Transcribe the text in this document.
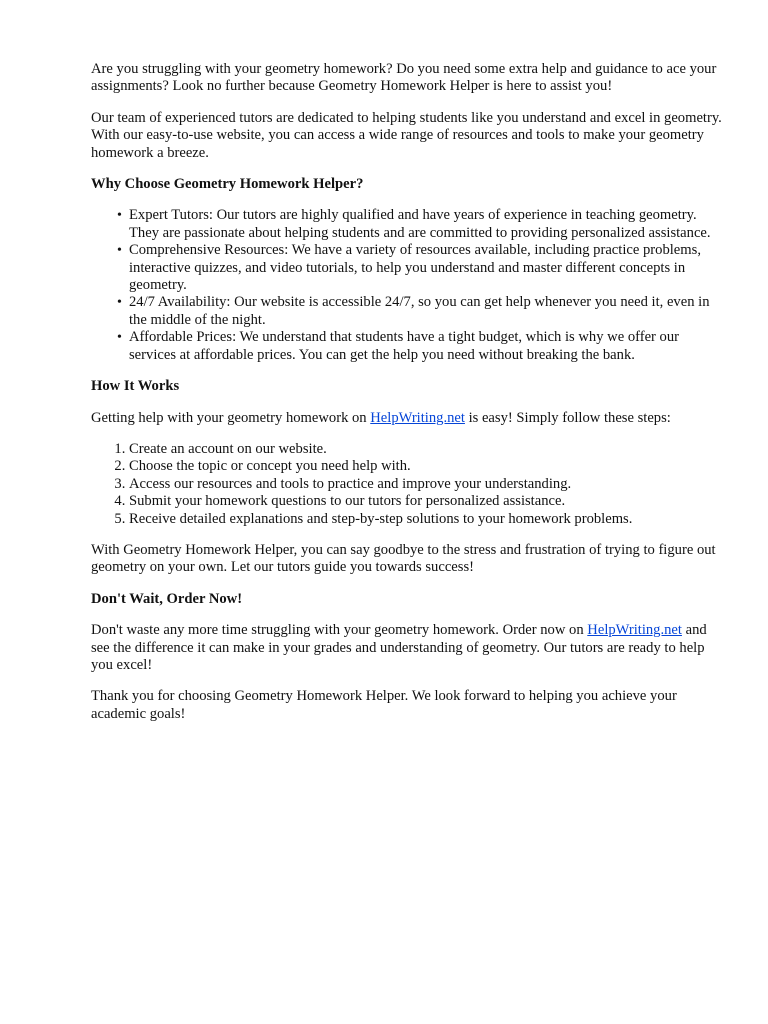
Are you struggling with your geometry homework? Do you need some extra help and guidance to ace your assignments? Look no further because Geometry Homework Helper is here to assist you!

Our team of experienced tutors are dedicated to helping students like you understand and excel in geometry. With our easy-to-use website, you can access a wide range of resources and tools to make your geometry homework a breeze.

Why Choose Geometry Homework Helper?
• Expert Tutors: Our tutors are highly qualified and have years of experience in teaching geometry. They are passionate about helping students and are committed to providing personalized assistance.
• Comprehensive Resources: We have a variety of resources available, including practice problems, interactive quizzes, and video tutorials, to help you understand and master different concepts in geometry.
• 24/7 Availability: Our website is accessible 24/7, so you can get help whenever you need it, even in the middle of the night.
• Affordable Prices: We understand that students have a tight budget, which is why we offer our services at affordable prices. You can get the help you need without breaking the bank.
How It Works

Getting help with your geometry homework on HelpWriting.net is easy! Simply follow these steps:

1. Create an account on our website.
2. Choose the topic or concept you need help with.
3. Access our resources and tools to practice and improve your understanding.
4. Submit your homework questions to our tutors for personalized assistance.
5. Receive detailed explanations and step-by-step solutions to your homework problems.

With Geometry Homework Helper, you can say goodbye to the stress and frustration of trying to figure out geometry on your own. Let our tutors guide you towards success!

Don't Wait, Order Now!

Don't waste any more time struggling with your geometry homework. Order now on HelpWriting.net and see the difference it can make in your grades and understanding of geometry. Our tutors are ready to help you excel!

Thank you for choosing Geometry Homework Helper. We look forward to helping you achieve your academic goals!
